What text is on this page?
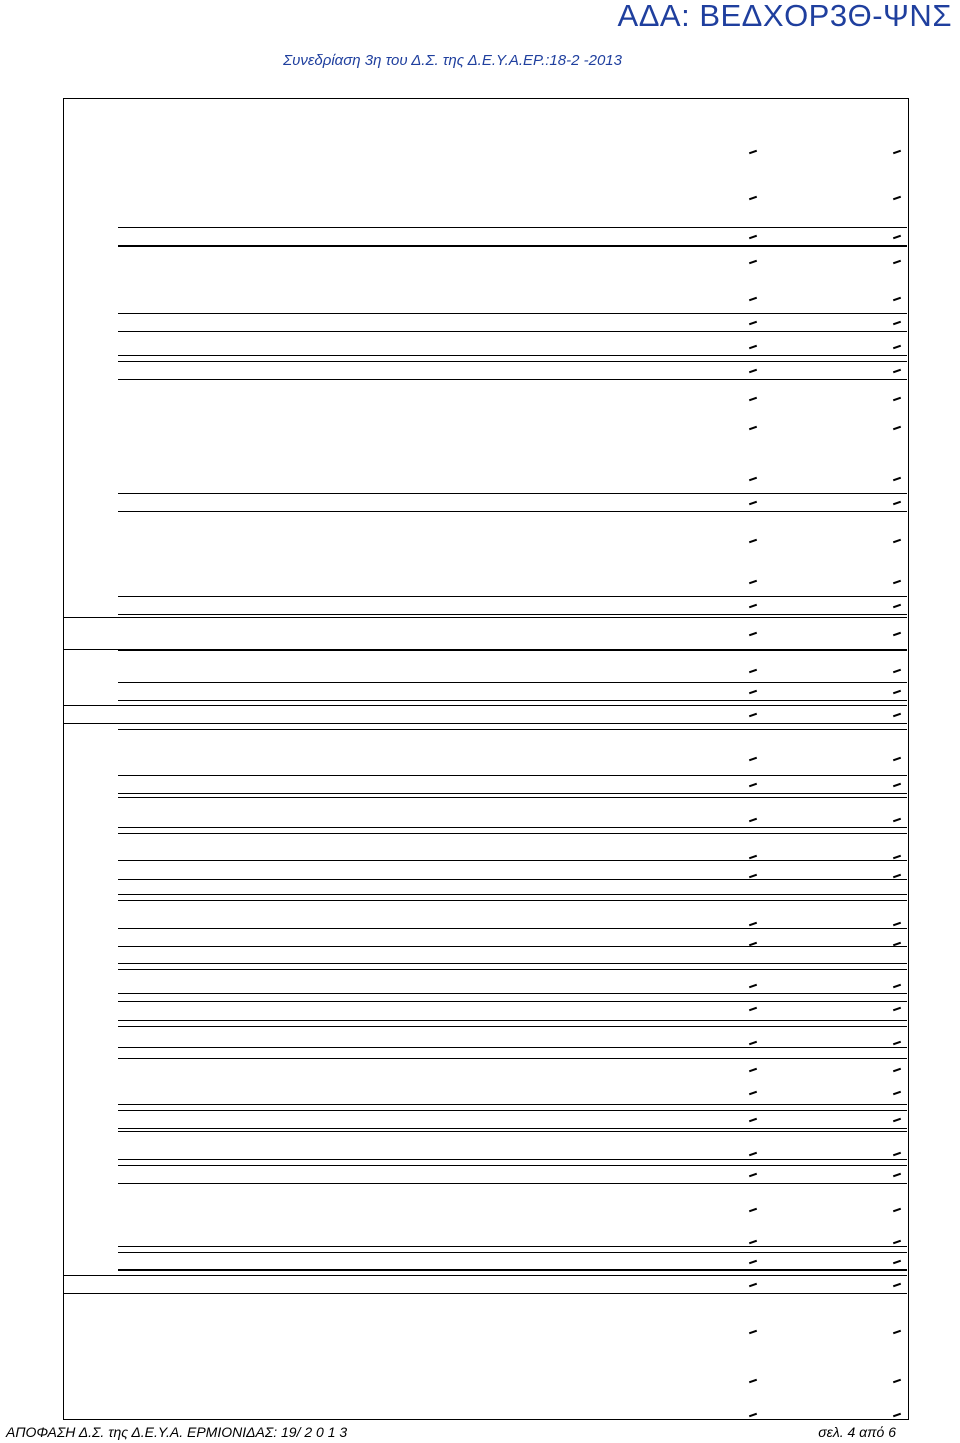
ΑΔΑ: ΒΕΔΧΟΡ3Θ-ΨΝΣ
Συνεδρίαση 3η του Δ.Σ. της Δ.Ε.Υ.Α.ΕΡ.:18-2 -2013
ΑΠΟΦΑΣΗ Δ.Σ. της Δ.Ε.Υ.Α. ΕΡΜΙΟΝΙΔΑΣ: 19/ 2 0 1 3	σελ. 4 από 6
